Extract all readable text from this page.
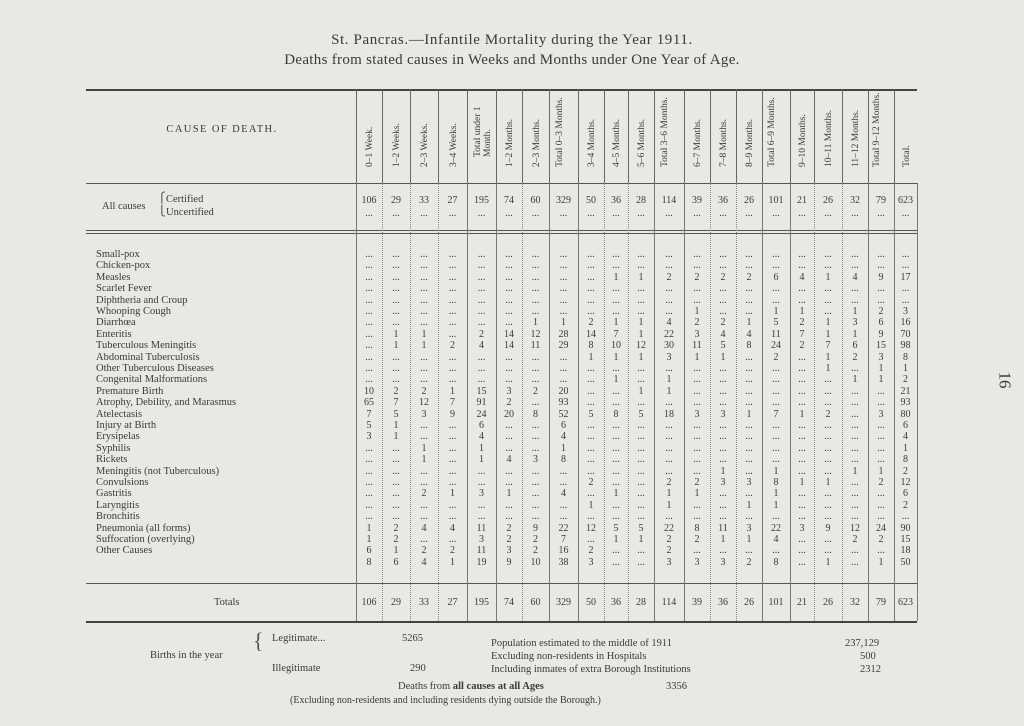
St. Pancras.—Infantile Mortality during the Year 1911.
Deaths from stated causes in Weeks and Months under One Year of Age.
16
CAUSE OF DEATH.	0–1 Week. 1–2 Weeks. 2–3 Weeks. 3–4 Weeks. Total under 1 Month. 1–2 Months. 2–3 Months. Total 0–3 Months. 3–4 Months. 4–5 Months. 5–6 Months. Total 3–6 Months. 6–7 Months. 7–8 Months. 8–9 Months. Total 6–9 Months. 9–10 Months. 10–11 Months. 11–12 Months. Total 9–12 Months. Total.
All causes
⎧
⎩
Certified
Uncertified
106	29	33	27	195	74	60	329	50	36	28	114	39	36	26	101	21	26	32	79	623
...	...	...	...	...	...	...	...	...	...	...	...	...	...	...	...	...	...	...	...	...
Small-pox	...	...	...	...	...	...	...	...	...	...	...	...	...	...	...	...	...	...	...	...	...
Chicken-pox	...	...	...	...	...	...	...	...	...	...	...	...	...	...	...	...	...	...	...	...	...
Measles	...	...	...	...	...	...	...	...	...	1	1	2	2	2	2	6	4	1	4	9	17
Scarlet Fever	...	...	...	...	...	...	...	...	...	...	...	...	...	...	...	...	...	...	...	...	...
Diphtheria and Croup	...	...	...	...	...	...	...	...	...	...	...	...	...	...	...	...	...	...	...	...	...
Whooping Cough	...	...	...	...	...	...	...	...	...	...	...	...	1	...	...	1	1	...	1	2	3
Diarrhœa	...	...	...	...	...	...	1	1	2	1	1	4	2	2	1	5	2	1	3	6	16
Enteritis	...	1	1	...	2	14	12	28	14	7	1	22	3	4	4	11	7	1	1	9	70
Tuberculous Meningitis	...	1	1	2	4	14	11	29	8	10	12	30	11	5	8	24	2	7	6	15	98
Abdominal Tuberculosis	...	...	...	...	...	...	...	...	1	1	1	3	1	1	...	2	...	1	2	3	8
Other Tuberculous Diseases	...	...	...	...	...	...	...	...	...	...	...	...	...	...	...	...	...	1	...	1	1
Congenital Malformations	...	...	...	...	...	...	...	...	...	1	...	1	...	...	...	...	...	...	1	1	2
Premature Birth	10	2	2	1	15	3	2	20	...	...	1	1	...	...	...	...	...	...	...	...	21
Atrophy, Debility, and Marasmus	65	7	12	7	91	2	...	93	...	...	...	...	...	...	...	...	...	...	...	...	93
Atelectasis	7	5	3	9	24	20	8	52	5	8	5	18	3	3	1	7	1	2	...	3	80
Injury at Birth	5	1	...	...	6	...	...	6	...	...	...	...	...	...	...	...	...	...	...	...	6
Erysipelas	3	1	...	...	4	...	...	4	...	...	...	...	...	...	...	...	...	...	...	...	4
Syphilis	...	...	1	...	1	...	...	1	...	...	...	...	...	...	...	...	...	...	...	...	1
Rickets	...	...	1	...	1	4	3	8	...	...	...	...	...	...	...	...	...	...	...	...	8
Meningitis (not Tuberculous)	...	...	...	...	...	...	...	...	...	...	...	...	...	1	...	1	...	...	1	1	2
Convulsions	...	...	...	...	...	...	...	...	2	...	...	2	2	3	3	8	1	1	...	2	12
Gastritis	...	...	2	1	3	1	...	4	...	1	...	1	1	...	...	1	...	...	...	...	6
Laryngitis	...	...	...	...	...	...	...	...	1	...	...	1	...	...	1	1	...	...	...	...	2
Bronchitis	...	...	...	...	...	...	...	...	...	...	...	...	...	...	...	...	...	...	...	...	...
Pneumonia (all forms)	1	2	4	4	11	2	9	22	12	5	5	22	8	11	3	22	3	9	12	24	90
Suffocation (overlying)	1	2	...	...	3	2	2	7	...	1	1	2	2	1	1	4	...	...	2	2	15
Other Causes	6	1	2	2	11	3	2	16	2	...	...	2	...	...	...	...	...	...	...	...	18
8	6	4	1	19	9	10	38	3	...	...	3	3	3	2	8	...	1	...	1	50
Totals	106	29	33	27	195	74	60	329	50	36	28	114	39	36	26	101	21	26	32	79	623
Births in the year
{ Legitimate...	5265
Illegitimate	290
Population estimated to the middle of 1911	237,129
Excluding non-residents in Hospitals	500
Including inmates of extra Borough Institutions	2312
Deaths from all causes at all Ages	3356
(Excluding non-residents and including residents dying outside the Borough.)
